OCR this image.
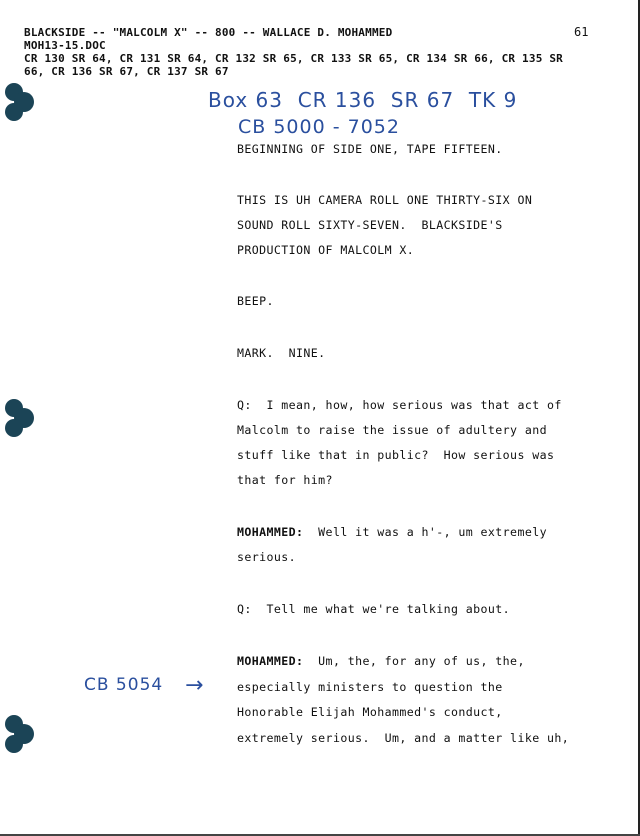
BLACKSIDE -- "MALCOLM X" -- 800 -- WALLACE D. MOHAMMED	61
MOH13-15.DOC
CR 130 SR 64, CR 131 SR 64, CR 132 SR 65, CR 133 SR 65, CR 134 SR 66, CR 135 SR
66, CR 136 SR 67, CR 137 SR 67
Box 63  CR 136  SR 67  TK 9
CB 5000 - 7052
CB 5054 →
BEGINNING OF SIDE ONE, TAPE FIFTEEN.
THIS IS UH CAMERA ROLL ONE THIRTY-SIX ON
SOUND ROLL SIXTY-SEVEN.  BLACKSIDE'S
PRODUCTION OF MALCOLM X.
BEEP.
MARK.  NINE.
Q:  I mean, how, how serious was that act of
Malcolm to raise the issue of adultery and
stuff like that in public?  How serious was
that for him?
MOHAMMED:  Well it was a h'-, um extremely
serious.
Q:  Tell me what we're talking about.
MOHAMMED:  Um, the, for any of us, the,
especially ministers to question the
Honorable Elijah Mohammed's conduct,
extremely serious.  Um, and a matter like uh,
